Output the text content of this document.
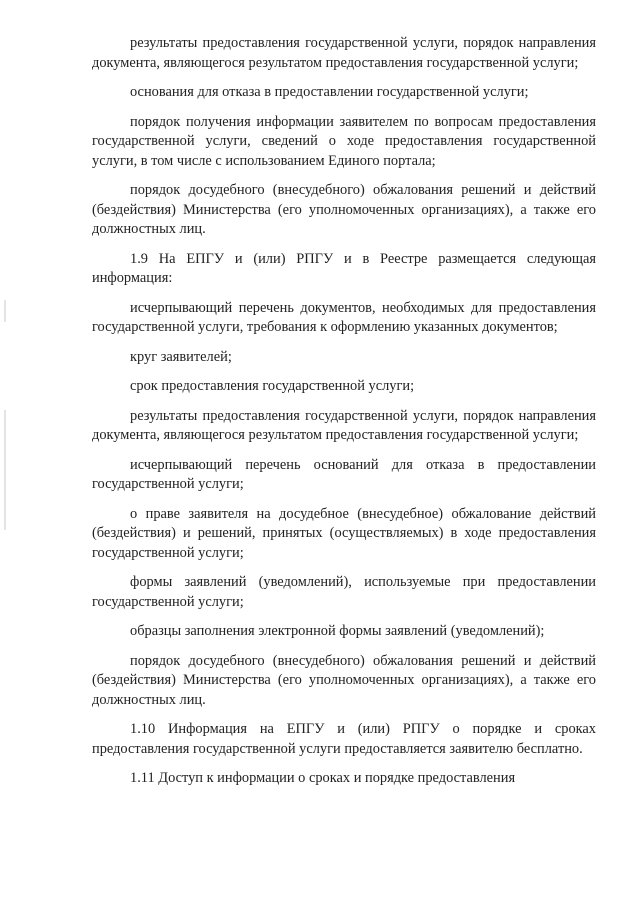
результаты предоставления государственной услуги, порядок направления документа, являющегося результатом предоставления государственной услуги;

основания для отказа в предоставлении государственной услуги;

порядок получения информации заявителем по вопросам предоставления государственной услуги, сведений о ходе предоставления государственной услуги, в том числе с использованием Единого портала;

порядок досудебного (внесудебного) обжалования решений и действий (бездействия) Министерства (его уполномоченных организациях), а также его должностных лиц.

1.9 На ЕПГУ и (или) РПГУ и в Реестре размещается следующая информация:

исчерпывающий перечень документов, необходимых для предоставления государственной услуги, требования к оформлению указанных документов;

круг заявителей;

срок предоставления государственной услуги;

результаты предоставления государственной услуги, порядок направления документа, являющегося результатом предоставления государственной услуги;

исчерпывающий перечень оснований для отказа в предоставлении государственной услуги;

о праве заявителя на досудебное (внесудебное) обжалование действий (бездействия) и решений, принятых (осуществляемых) в ходе предоставления государственной услуги;

формы заявлений (уведомлений), используемые при предоставлении государственной услуги;

образцы заполнения электронной формы заявлений (уведомлений);

порядок досудебного (внесудебного) обжалования решений и действий (бездействия) Министерства (его уполномоченных организациях), а также его должностных лиц.

1.10 Информация на ЕПГУ и (или) РПГУ о порядке и сроках предоставления государственной услуги предоставляется заявителю бесплатно.

1.11 Доступ к информации о сроках и порядке предоставления
